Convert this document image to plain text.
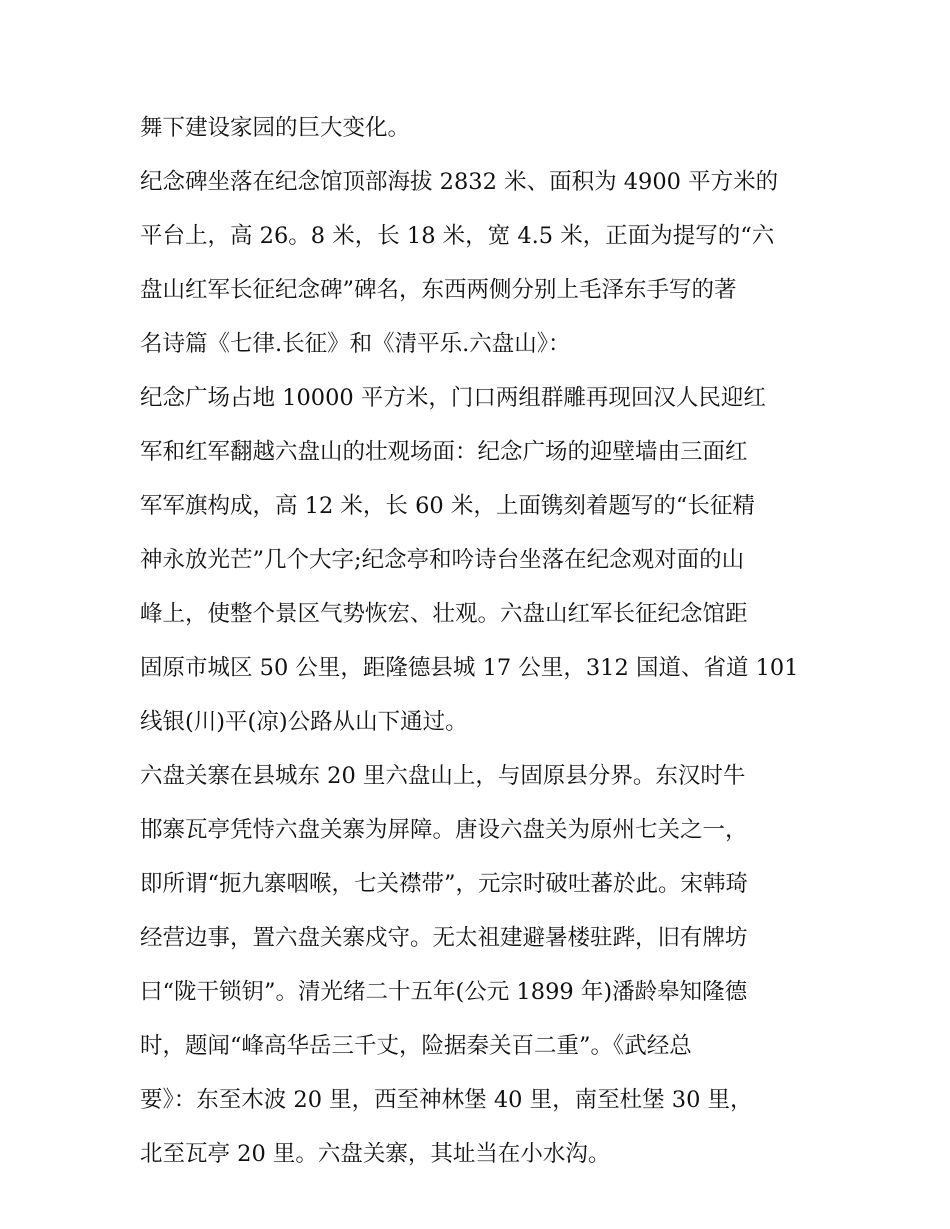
舞下建设家园的巨大变化。
纪念碑坐落在纪念馆顶部海拔 2832 米、面积为 4900 平方米的
平台上，高 26。8 米，长 18 米，宽 4.5 米，正面为提写的“六
盘山红军长征纪念碑”碑名，东西两侧分别上毛泽东手写的著
名诗篇《七律.长征》和《清平乐.六盘山》：
纪念广场占地 10000 平方米，门口两组群雕再现回汉人民迎红
军和红军翻越六盘山的壮观场面：纪念广场的迎壁墙由三面红
军军旗构成，高 12 米，长 60 米，上面镌刻着题写的“长征精
神永放光芒”几个大字;纪念亭和吟诗台坐落在纪念观对面的山
峰上，使整个景区气势恢宏、壮观。六盘山红军长征纪念馆距
固原市城区 50 公里，距隆德县城 17 公里，312 国道、省道 101
线银(川)平(凉)公路从山下通过。
六盘关寨在县城东 20 里六盘山上，与固原县分界。东汉时牛
邯寨瓦亭凭恃六盘关寨为屏障。唐设六盘关为原州七关之一，
即所谓“扼九寨咽喉，七关襟带”，元宗时破吐蕃於此。宋韩琦
经营边事，置六盘关寨戍守。无太祖建避暑楼驻跸，旧有牌坊
曰“陇干锁钥”。清光绪二十五年(公元 1899 年)潘龄皋知隆德
时，题闻“峰高华岳三千丈，险据秦关百二重”。《武经总
要》：东至木波 20 里，西至神林堡 40 里，南至杜堡 30 里，
北至瓦亭 20 里。六盘关寨，其址当在小水沟。
